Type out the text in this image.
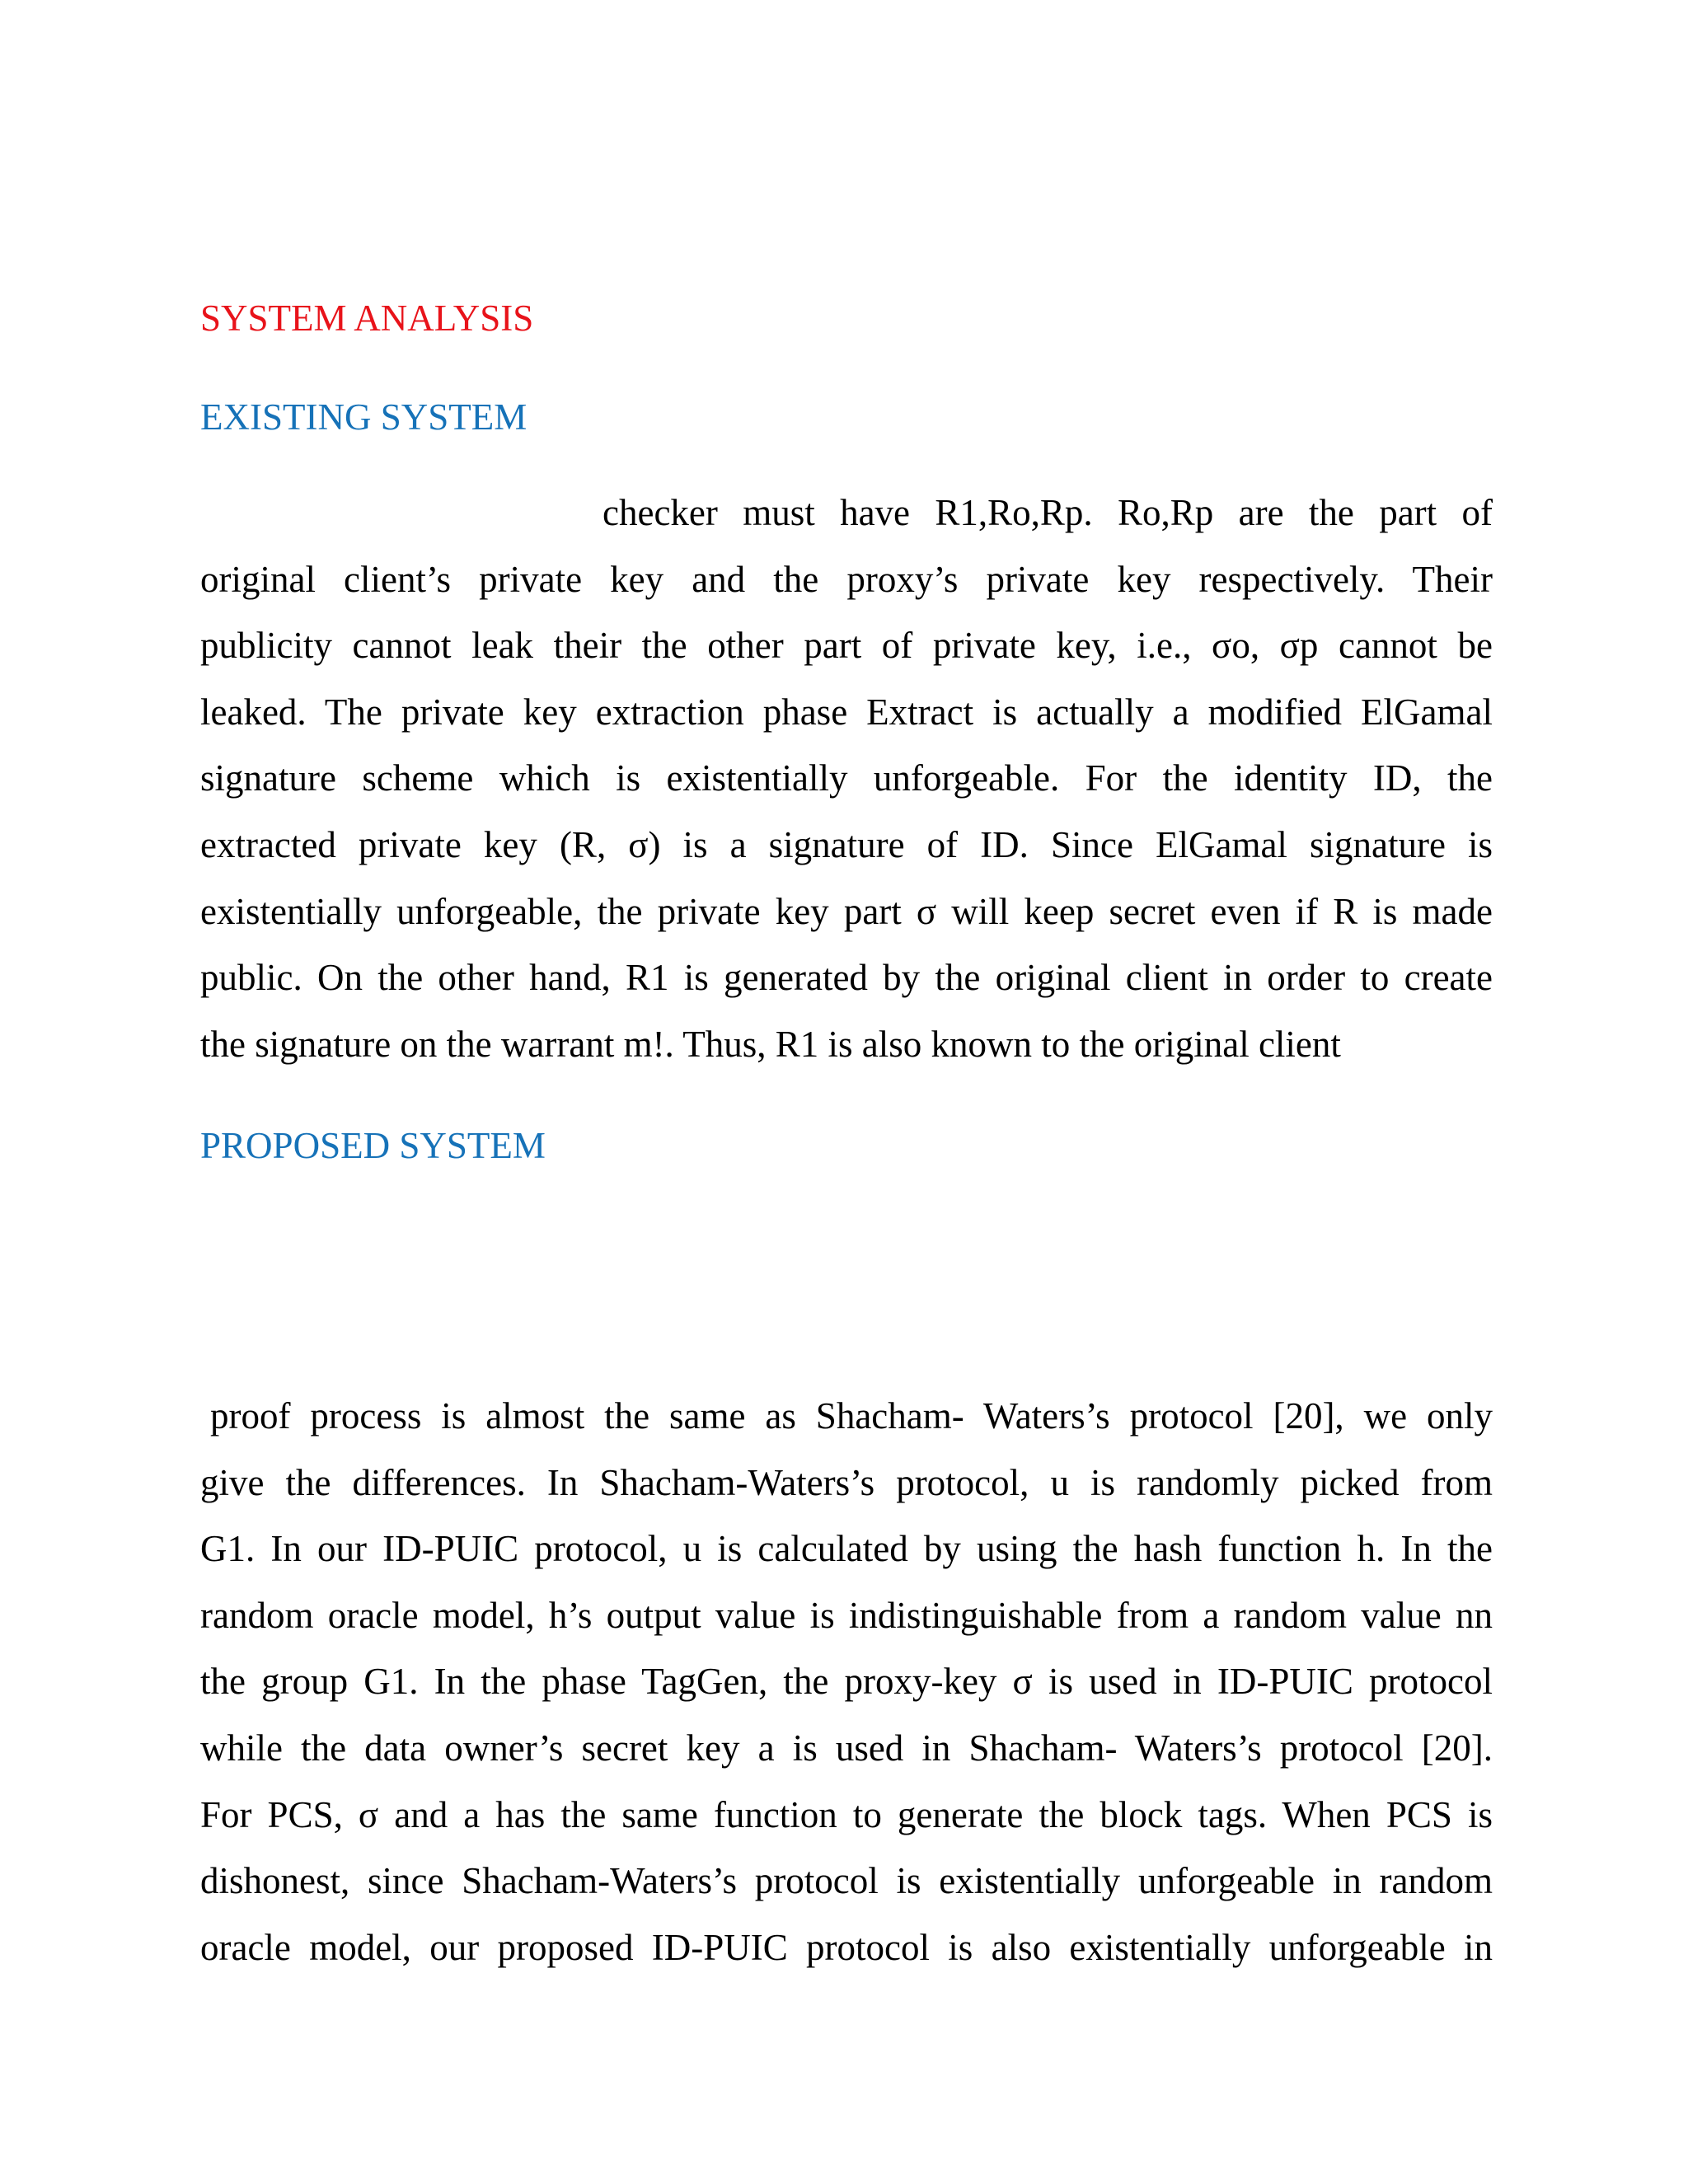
SYSTEM ANALYSIS
EXISTING SYSTEM

checker must have R1,Ro,Rp. Ro,Rp are the part of
original client’s private key and the proxy’s private key respectively. Their
publicity cannot leak their the other part of private key, i.e., σo, σp cannot be
leaked. The private key extraction phase Extract is actually a modified ElGamal
signature scheme which is existentially unforgeable. For the identity ID, the
extracted private key (R, σ) is a signature of ID. Since ElGamal signature is
existentially unforgeable, the private key part σ will keep secret even if R is made
public. On the other hand, R1 is generated by the original client in order to create
the signature on the warrant m!. Thus, R1 is also known to the original client

PROPOSED SYSTEM

proof process is almost the same as Shacham- Waters’s protocol [20], we only
give the differences. In Shacham-Waters’s protocol, u is randomly picked from
G1. In our ID-PUIC protocol, u is calculated by using the hash function h. In the
random oracle model, h’s output value is indistinguishable from a random value nn
the group G1. In the phase TagGen, the proxy-key σ is used in ID-PUIC protocol
while the data owner’s secret key a is used in Shacham- Waters’s protocol [20].
For PCS, σ and a has the same function to generate the block tags. When PCS is
dishonest, since Shacham-Waters’s protocol is existentially unforgeable in random
oracle model, our proposed ID-PUIC protocol is also existentially unforgeable in
